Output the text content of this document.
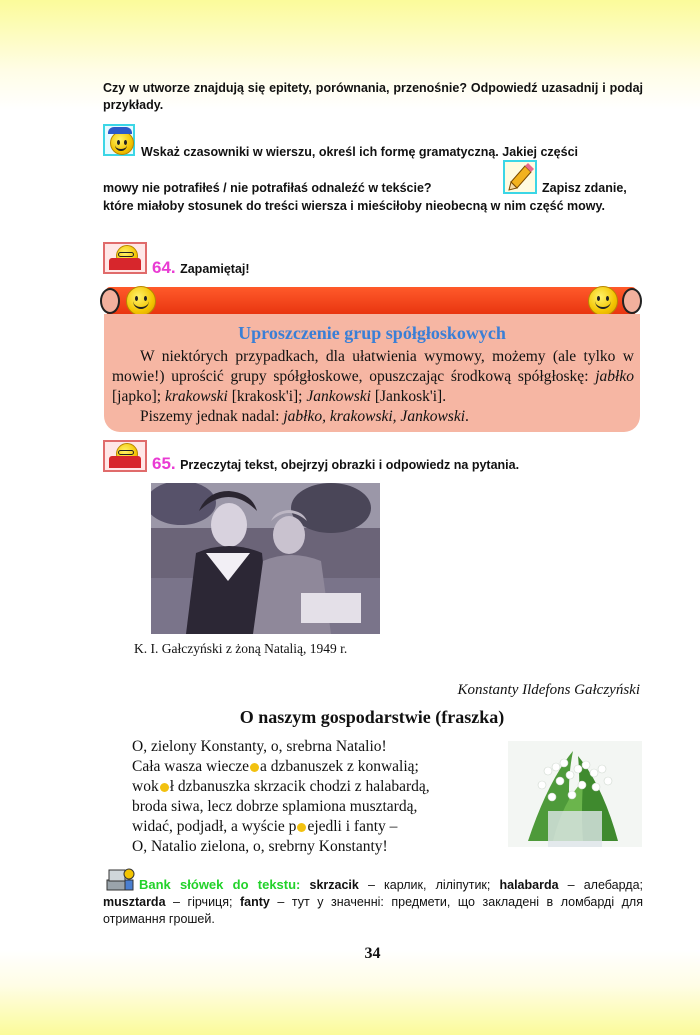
Czy w utworze znajdują się epitety, porównania, przenośnie? Odpowiedź uzasadnij i podaj przykłady.
Wskaż czasowniki w wierszu, określ ich formę gramatyczną. Jakiej części
mowy nie potrafiłeś / nie potrafiłaś odnaleźć w tekście?	Zapisz zdanie,
które miałoby stosunek do treści wiersza i mieściłoby nieobecną w nim część mowy.
64. Zapamiętaj!
Uproszczenie grup spółgłoskowych
W niektórych przypadkach, dla ułatwienia wymowy, możemy (ale tylko w mowie!) uprościć grupy spółgłoskowe, opuszczając środkową spółgłoskę: jabłko [japko]; krakowski [krakosk'i]; Jankowski [Jankosk'i].
Piszemy jednak nadal: jabłko, krakowski, Jankowski.
65. Przeczytaj tekst, obejrzyj obrazki i odpowiedz na pytania.
K. I. Gałczyński z żoną Natalią, 1949 r.
Konstanty Ildefons Gałczyński
O naszym gospodarstwie (fraszka)
O, zielony Konstanty, o, srebrna Natalio!
Cała wasza wiecze a dzbanuszek z konwalią;
wok ł dzbanuszka skrzacik chodzi z halabardą,
broda siwa, lecz dobrze splamiona musztardą,
widać, podjadł, a wyście p ejedli i fanty –
O, Natalio zielona, o, srebrny Konstanty!
Bank słówek do tekstu: skrzacik – карлик, ліліпутик; halabarda – алебарда; musztarda – гірчиця; fanty – тут у значенні: предмети, що закладені в ломбарді для отримання грошей.
34
